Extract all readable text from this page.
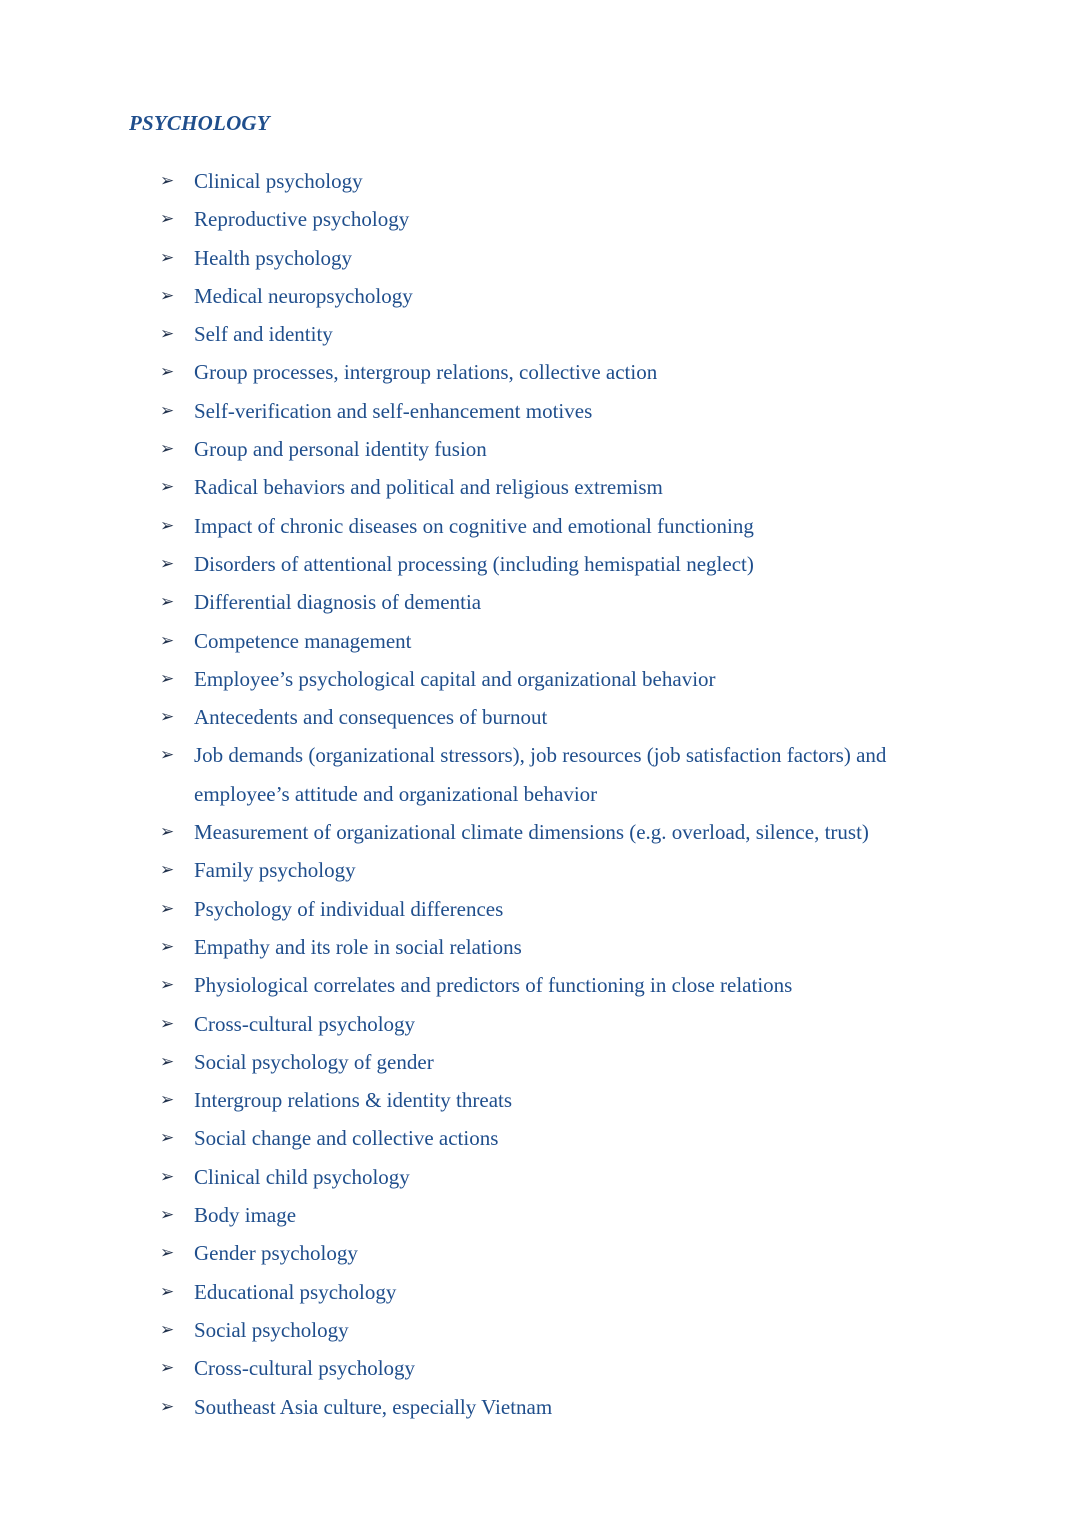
PSYCHOLOGY
➢ Clinical psychology
➢ Reproductive psychology
➢ Health psychology
➢ Medical neuropsychology
➢ Self and identity
➢ Group processes, intergroup relations, collective action
➢ Self-verification and self-enhancement motives
➢ Group and personal identity fusion
➢ Radical behaviors and political and religious extremism
➢ Impact of chronic diseases on cognitive and emotional functioning
➢ Disorders of attentional processing (including hemispatial neglect)
➢ Differential diagnosis of dementia
➢ Competence management
➢ Employee’s psychological capital and organizational behavior
➢ Antecedents and consequences of burnout
➢ Job demands (organizational stressors), job resources (job satisfaction factors) and employee’s attitude and organizational behavior
➢ Measurement of organizational climate dimensions (e.g. overload, silence, trust)
➢ Family psychology
➢ Psychology of individual differences
➢ Empathy and its role in social relations
➢ Physiological correlates and predictors of functioning in close relations
➢ Cross-cultural psychology
➢ Social psychology of gender
➢ Intergroup relations & identity threats
➢ Social change and collective actions
➢ Clinical child psychology
➢ Body image
➢ Gender psychology
➢ Educational psychology
➢ Social psychology
➢ Cross-cultural psychology
➢ Southeast Asia culture, especially Vietnam
